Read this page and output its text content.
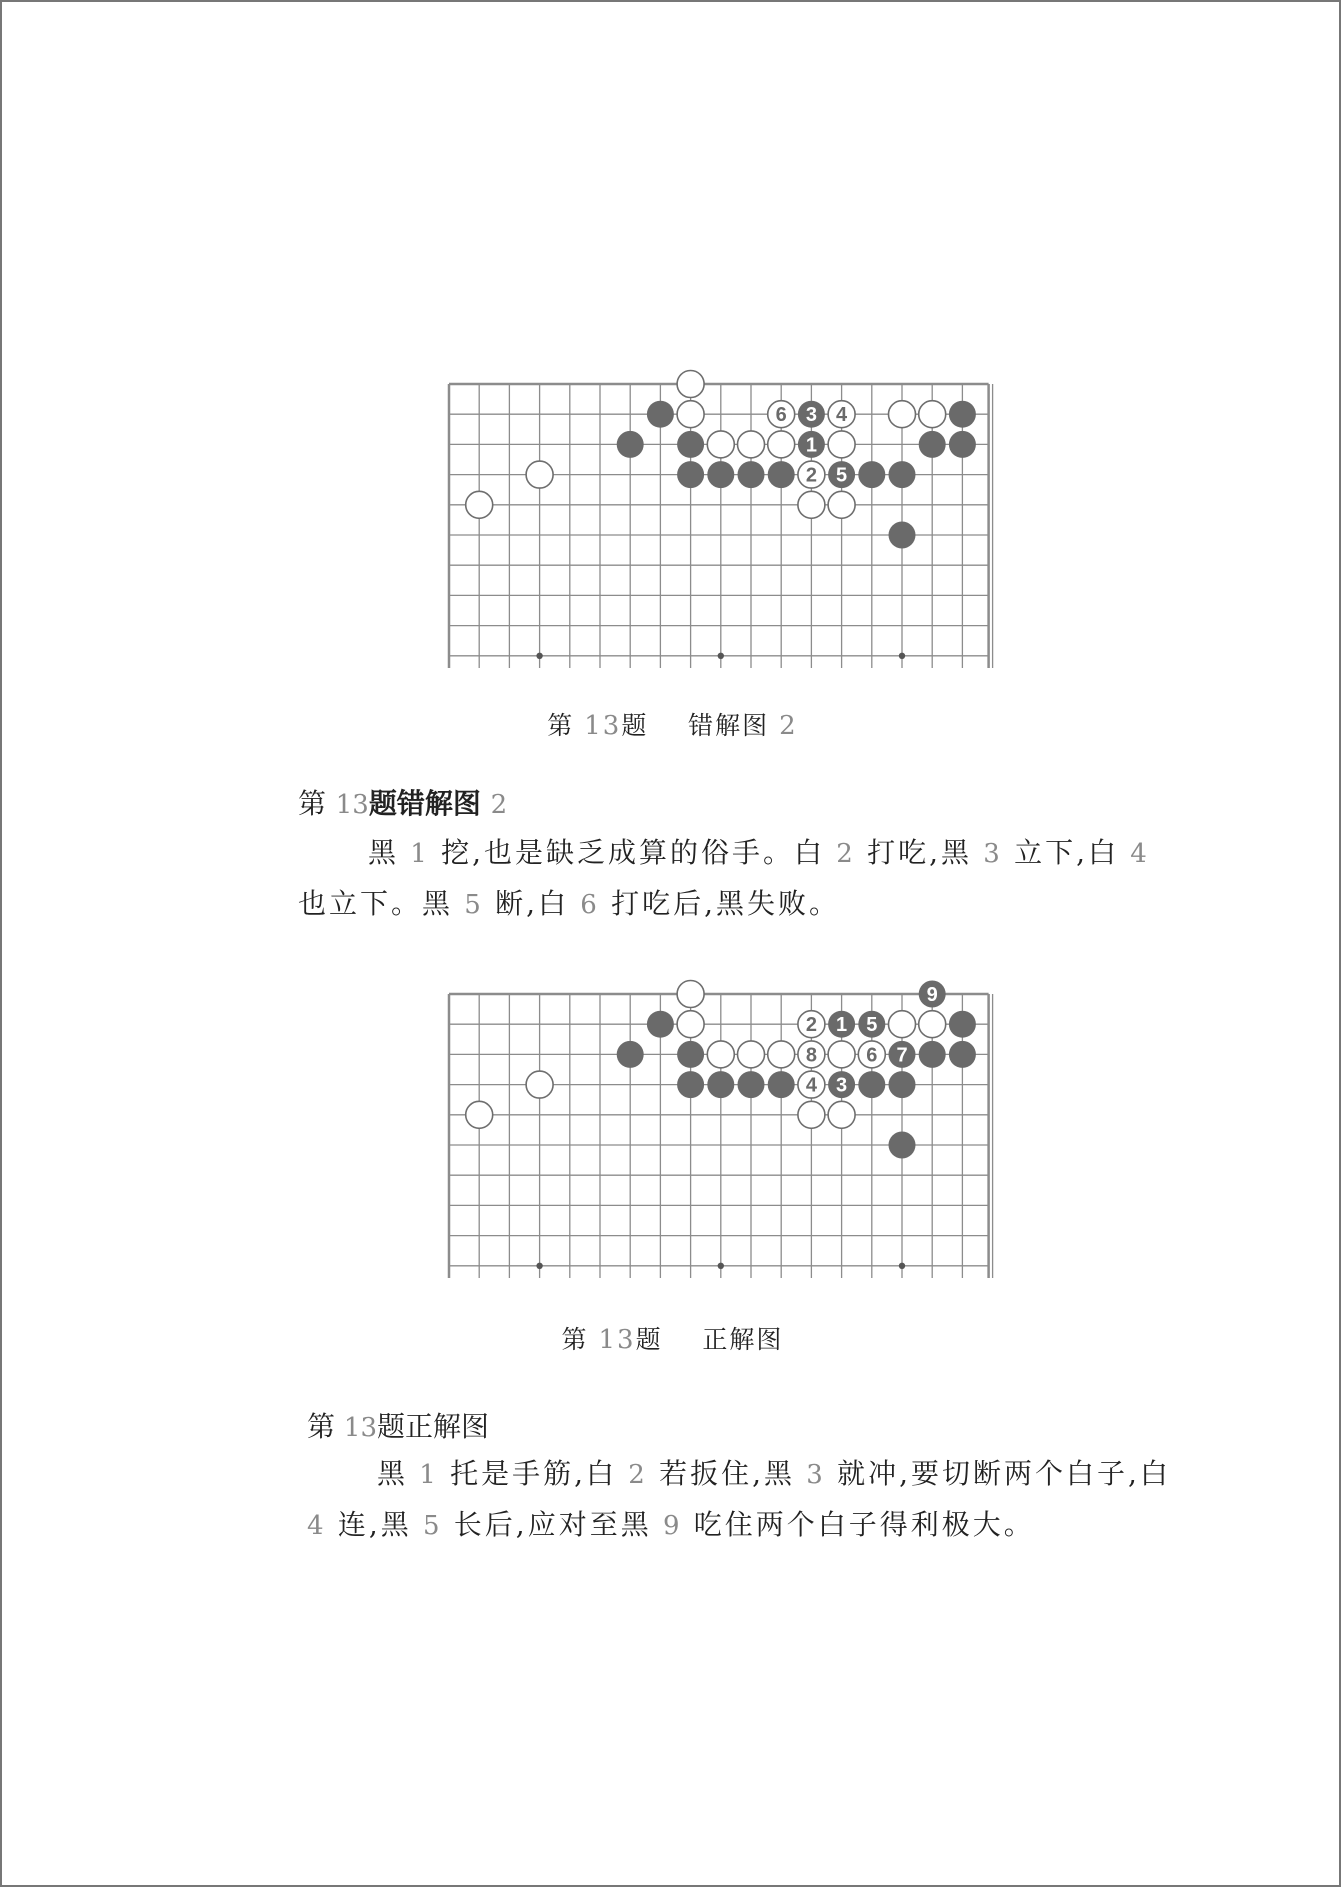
6 3 4
1
2 5
第 13题 错解图 2
第 13题错解图 2
黑 1 挖,也是缺乏成算的俗手。白 2 打吃,黑 3 立下,白 4 也立下。黑 5 断,白 6 打吃后,黑失败。
9
2 1 5
8 6 7
4 3
第 13题 正解图
第 13题正解图
黑 1 托是手筋,白 2 若扳住,黑 3 就冲,要切断两个白子,白 4 连,黑 5 长后,应对至黑 9 吃住两个白子得利极大。
